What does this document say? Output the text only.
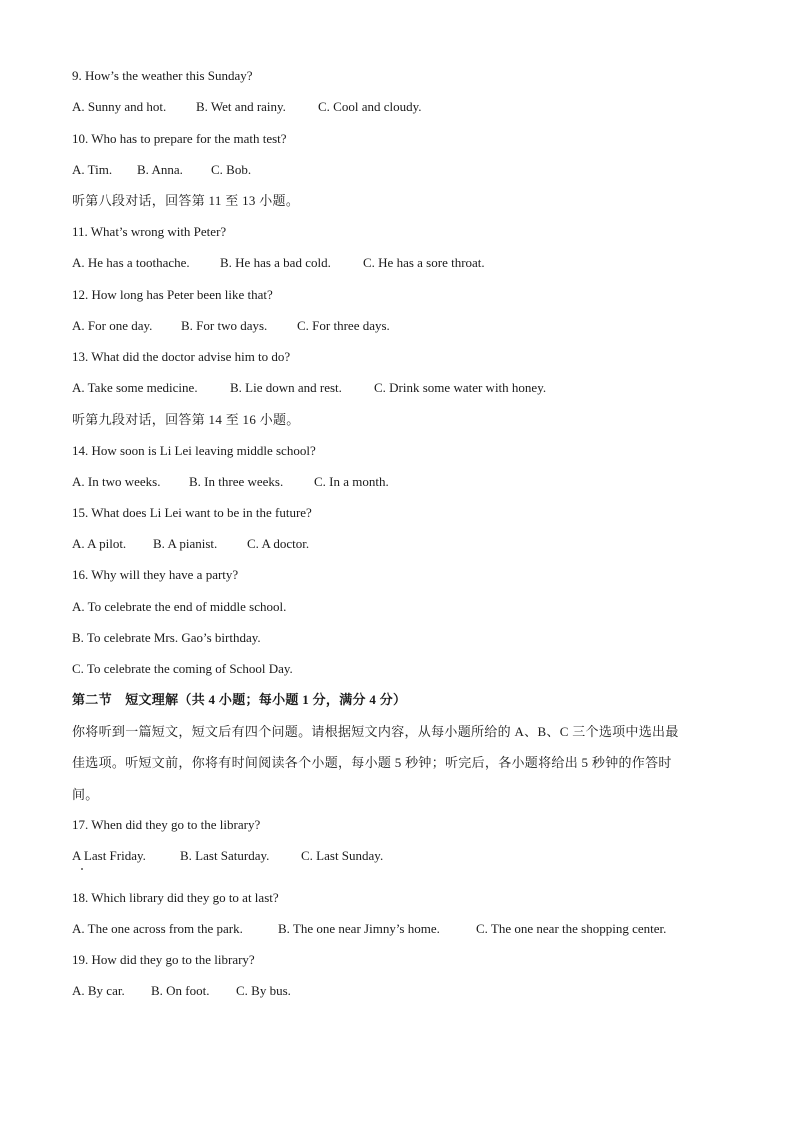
9. How’s the weather this Sunday?
A. Sunny and hot. B. Wet and rainy. C. Cool and cloudy.
10. Who has to prepare for the math test?
A. Tim. B. Anna. C. Bob.
听第八段对话，回答第 11 至 13 小题。
11. What’s wrong with Peter?
A. He has a toothache. B. He has a bad cold. C. He has a sore throat.
12. How long has Peter been like that?
A. For one day. B. For two days. C. For three days.
13. What did the doctor advise him to do?
A. Take some medicine. B. Lie down and rest. C. Drink some water with honey.
听第九段对话，回答第 14 至 16 小题。
14. How soon is Li Lei leaving middle school?
A. In two weeks. B. In three weeks. C. In a month.
15. What does Li Lei want to be in the future?
A. A pilot. B. A pianist. C. A doctor.
16. Why will they have a party?
A. To celebrate the end of middle school.
B. To celebrate Mrs. Gao’s birthday.
C. To celebrate the coming of School Day.
第二节　短文理解（共 4 小题；每小题 1 分，满分 4 分）
你将听到一篇短文，短文后有四个问题。请根据短文内容，从每小题所给的 A、B、C 三个选项中选出最
佳选项。听短文前，你将有时间阅读各个小题，每小题 5 秒钟；听完后，各小题将给出 5 秒钟的作答时
间。
17. When did they go to the library?
A Last Friday.	B. Last Saturday. C. Last Sunday.
18. Which library did they go to at last?
A. The one across from the park.	B. The one near Jimny’s home.	C. The one near the shopping center.
19. How did they go to the library?
A. By car. B. On foot. C. By bus.
